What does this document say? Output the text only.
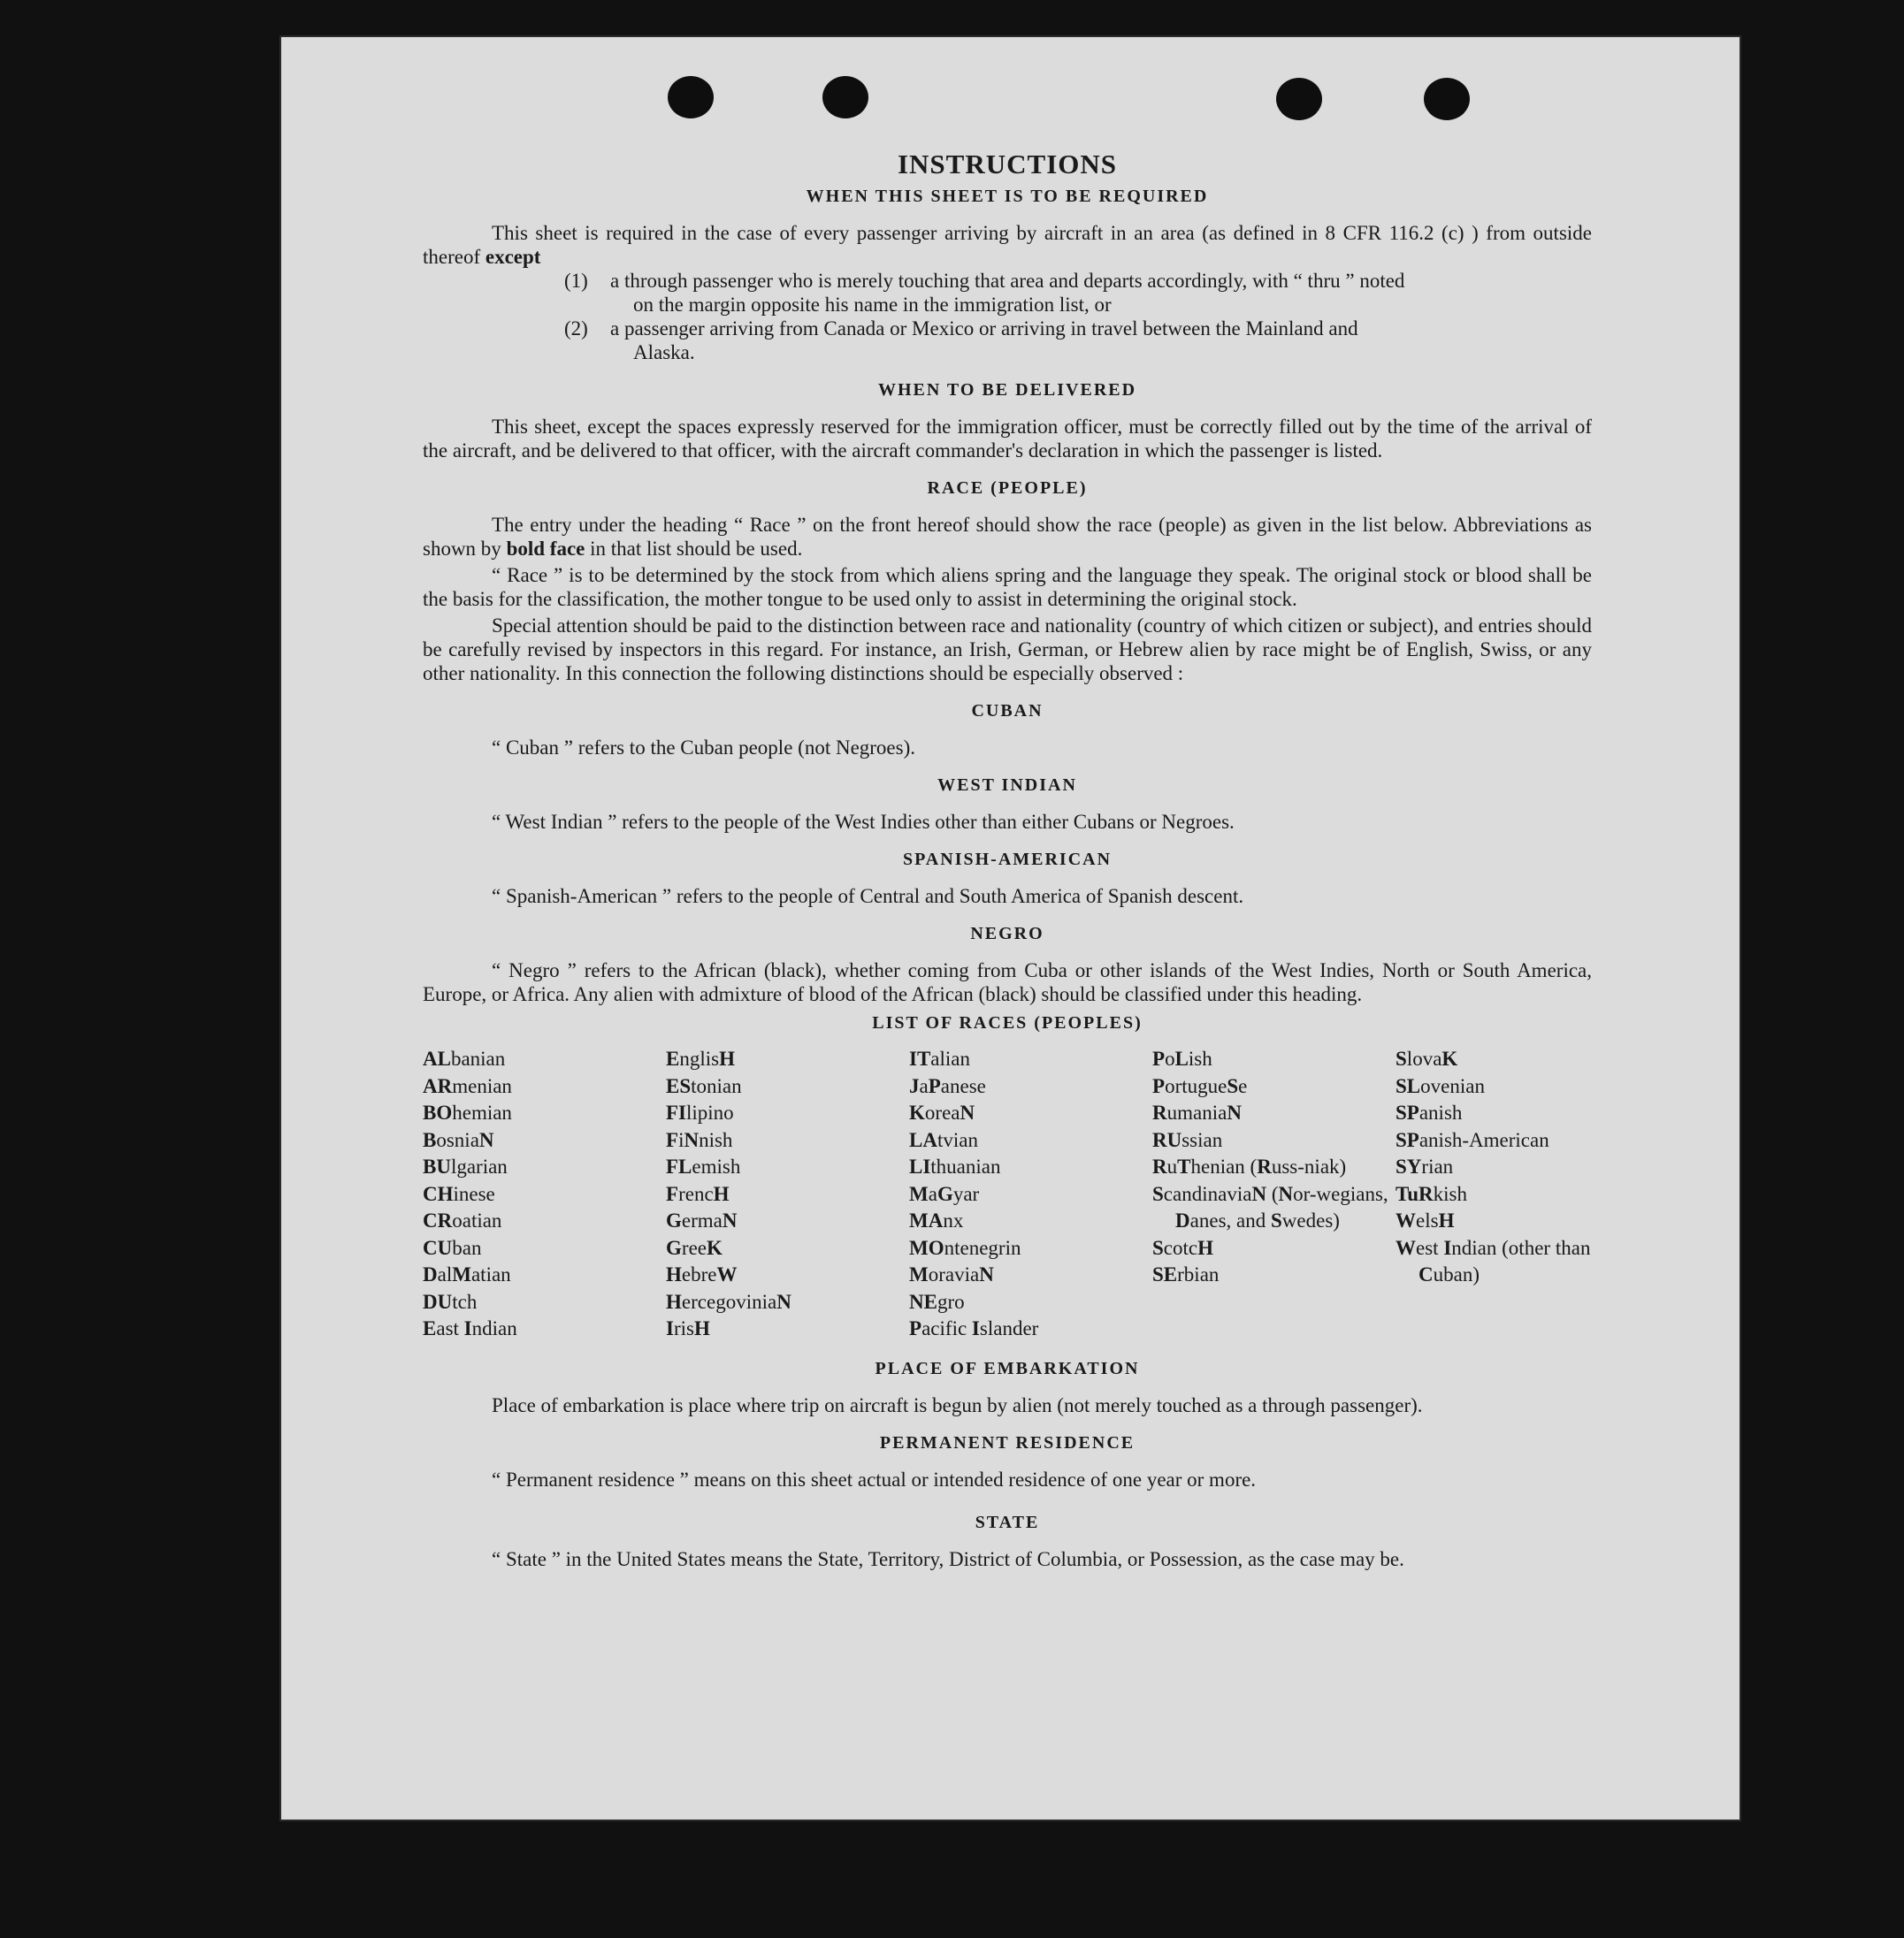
INSTRUCTIONS
WHEN THIS SHEET IS TO BE REQUIRED

This sheet is required in the case of every passenger arriving by aircraft in an area (as defined in 8 CFR 116.2 (c) ) from outside thereof except

(1)	a through passenger who is merely touching that area and departs accordingly, with “ thru ” noted
on the margin opposite his name in the immigration list, or
(2)	a passenger arriving from Canada or Mexico or arriving in travel between the Mainland and
Alaska.
WHEN TO BE DELIVERED

This sheet, except the spaces expressly reserved for the immigration officer, must be correctly filled out by the time of the arrival of the aircraft, and be delivered to that officer, with the aircraft commander's declaration in which the passenger is listed.

RACE (PEOPLE)

The entry under the heading “ Race ” on the front hereof should show the race (people) as given in the list below. Abbreviations as shown by bold face in that list should be used.

“ Race ” is to be determined by the stock from which aliens spring and the language they speak. The original stock or blood shall be the basis for the classification, the mother tongue to be used only to assist in determining the original stock.

Special attention should be paid to the distinction between race and nationality (country of which citizen or subject), and entries should be carefully revised by inspectors in this regard. For instance, an Irish, German, or Hebrew alien by race might be of English, Swiss, or any other nationality. In this connection the following distinctions should be especially observed :

CUBAN

“ Cuban ” refers to the Cuban people (not Negroes).

WEST INDIAN

“ West Indian ” refers to the people of the West Indies other than either Cubans or Negroes.

SPANISH-AMERICAN

“ Spanish-American ” refers to the people of Central and South America of Spanish descent.

NEGRO

“ Negro ” refers to the African (black), whether coming from Cuba or other islands of the West Indies, North or South America, Europe, or Africa. Any alien with admixture of blood of the African (black) should be classified under this heading.

LIST OF RACES (PEOPLES)
ALbanian
ARmenian
BOhemian
BosniaN
BUlgarian
CHinese
CRoatian
CUban
DalMatian
DUtch
East Indian
EnglisH
EStonian
FIlipino
FiNnish
FLemish
FrencH
GermaN
GreeK
HebreW
HercegoviniaN
IrisH
ITalian
JaPanese
KoreaN
LAtvian
LIthuanian
MaGyar
MAnx
MOntenegrin
MoraviaN
NEgro
Pacific Islander
PoLish
PortugueSe
RumaniaN
RUssian
RuThenian (Russ-niak)
ScandinaviaN (Nor-wegians, Danes, and Swedes)
ScotcH
SErbian
SlovaK
SLovenian
SPanish
SPanish-American
SYrian
TuRkish
WelsH
West Indian (other than Cuban)
PLACE OF EMBARKATION

Place of embarkation is place where trip on aircraft is begun by alien (not merely touched as a through passenger).

PERMANENT RESIDENCE

“ Permanent residence ” means on this sheet actual or intended residence of one year or more.

STATE

“ State ” in the United States means the State, Territory, District of Columbia, or Possession, as the case may be.
